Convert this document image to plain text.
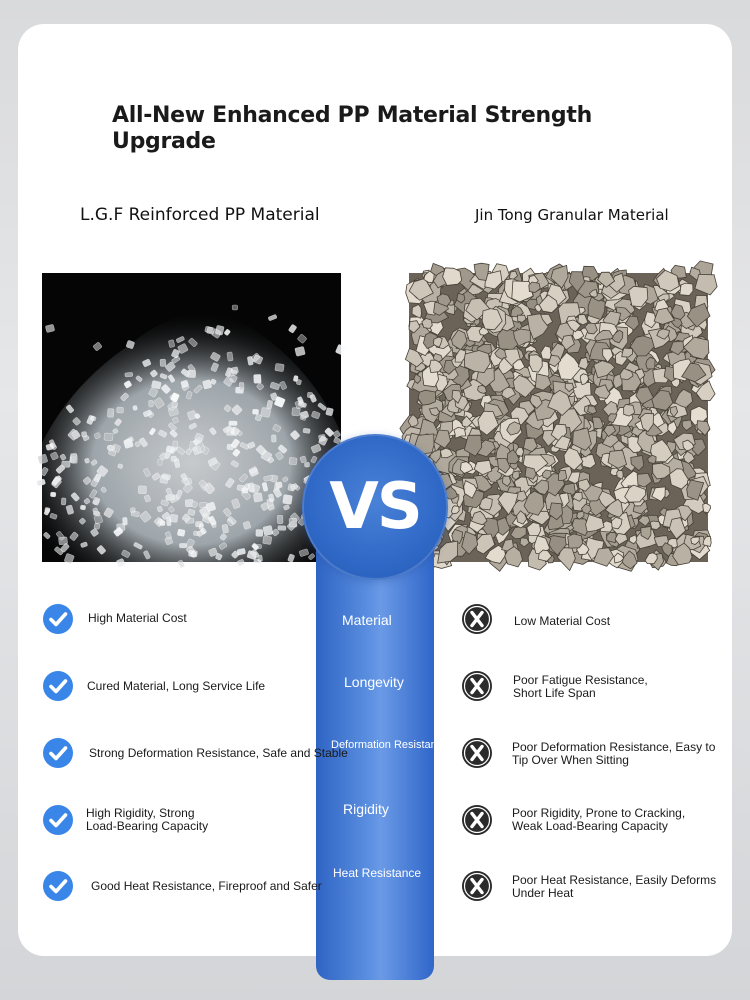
All-New Enhanced PP Material Strength Upgrade
L.G.F Reinforced PP Material	Jin Tong Granular Material
VS
Material
Longevity
Deformation Resistance
Rigidity
Heat Resistance
High Material Cost
Cured Material, Long Service Life
Strong Deformation Resistance, Safe and Stable
High Rigidity, Strong
Load-Bearing Capacity
Good Heat Resistance, Fireproof and Safer
Low Material Cost
Poor Fatigue Resistance,
Short Life Span
Poor Deformation Resistance, Easy to
Tip Over When Sitting
Poor Rigidity, Prone to Cracking,
Weak Load-Bearing Capacity
Poor Heat Resistance, Easily Deforms
Under Heat
